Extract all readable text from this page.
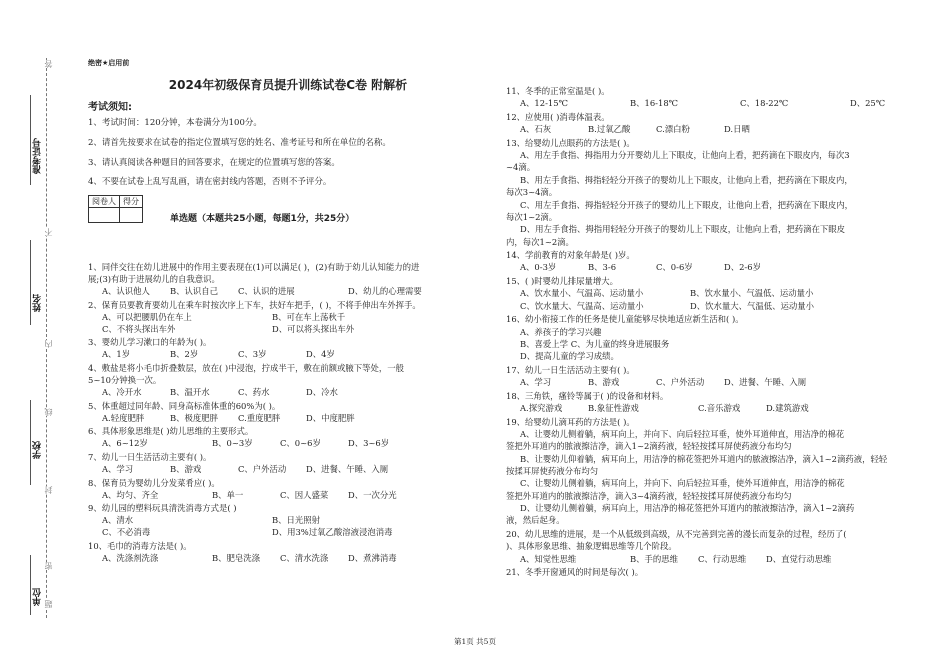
准考证号
姓名
学校
单位
答
不
内
线
封
密
题
绝密★启用前
2024年初级保育员提升训练试卷C卷 附解析
考试须知:
1、考试时间：120分钟，本卷满分为100分。
2、请首先按要求在试卷的指定位置填写您的姓名、准考证号和所在单位的名称。
3、请认真阅读各种题目的回答要求，在规定的位置填写您的答案。
4、不要在试卷上乱写乱画，请在密封线内答题，否则不予评分。
阅卷人	得分

单选题（本题共25小题，每题1分，共25分）
1、同伴交往在幼儿进展中的作用主要表现在(1)可以满足( )，(2)有助于幼儿认知能力的进
展;(3)有助于进展幼儿的自我意识。
A、认识他人	B、认识自己	C、认识的进展	D、幼儿的心理需要
2、保育员要教育要幼儿在乘车时按次序上下车，扶好车把手，( )，不将手伸出车外挥手。
A、可以把腰肌仍在车上	B、可在车上荡秋千
C、不将头探出车外	D、可以将头探出车外
3、婴幼儿学习漱口的年龄为( )。
A、1岁	B、2岁	C、3岁	D、4岁
4、敷盐是将小毛巾折叠数层，放在( )中浸泡，拧成半干，敷在前额或腋下等处，一般
5~10分钟换一次。
A、冷开水	B、温开水	C、药水	D、冷水
5、体重超过同年龄、同身高标准体重的60%为( )。
A.轻度肥胖	B、极度肥胖	C.重度肥胖	D、中度肥胖
6、具体形象思维是( )幼儿思维的主要形式。
A、6~12岁	B、0~3岁	C、0~6岁	D、3~6岁
7、幼儿一日生活活动主要有( )。
A、学习	B、游戏	C、户外活动	D、进餐、午睡、入厕
8、保育员为婴幼儿分发菜肴应( )。
A、均匀、齐全	B、单一	C、因人盛菜	D、一次分光
9、幼儿园的塑料玩具清洗消毒方式是( )
A、清水	B、日光照射
C、不必消毒	D、用3%过氧乙酸溶液浸泡消毒
10、毛巾的消毒方法是( )。
A、洗涤剂洗涤	B、肥皂洗涤	C、清水洗涤	D、煮沸消毒
11、冬季的正常室温是( )。
A、12-15℃	B、16-18℃	C、18-22℃	D、25℃
12、应使用( )消毒体温表。
A、石灰	B.过氧乙酸	C.漂白粉	D.日晒
13、给婴幼儿点眼药的方法是( )。
A、用左手食指、拇指用力分开婴幼儿上下眼皮，让他向上看，把药滴在下眼皮内，每次3
~4滴。
B、用左手食指、拇指轻轻分开孩子的婴幼儿上下眼皮，让他向上看，把药滴在下眼皮内，
每次3~4滴。
C、用左手食指、拇指轻轻分开孩子的婴幼儿上下眼皮，让他向上看，把药滴在下眼皮内，
每次1~2滴。
D、用左手食指、拇指用轻轻分开孩子的婴幼儿上下眼皮，让他向上看，把药滴在下眼皮
内，每次1~2滴。
14、学前教育的对象年龄是( )岁。
A、0-3岁	B、3-6	C、0-6岁	D、2-6岁
15、( )时婴幼儿排尿量增大。
A、饮水量小、气温高、运动量小	B、饮水量小、气温低、运动量小
C、饮水量大、气温高、运动量小	D、饮水量大、气温低、运动量小
16、幼小衔接工作的任务是使儿童能够尽快地适应新生活和( )。
A、养孩子的学习兴趣
B、喜爱上学 C、为儿童的终身进展服务
D、提高儿童的学习成绩。
17、幼儿一日生活活动主要有( )。
A、学习	B、游戏	C、户外活动	D、进餐、午睡、入厕
18、三角铁，瘙铃等属于( )的设备和材料。
A.探究游戏	B.象征性游戏	C.音乐游戏	D.建筑游戏
19、给婴幼儿滴耳药的方法是( )。
A、让婴幼儿侧着躺，病耳向上，并向下、向后轻拉耳垂，使外耳道伸直，用洁净的棉花
签把外耳道内的脓液擦洁净，滴入1~2滴药液，轻轻按揉耳屏使药液分布均匀
B、让婴幼儿仰着躺，病耳向上，用洁净的棉花签把外耳道内的脓液擦洁净，滴入1~2滴药液，轻轻
按揉耳屏使药液分布均匀
C、让婴幼儿侧着躺，病耳向上，并向下、向后轻拉耳垂，使外耳道伸直，用洁净的棉花
签把外耳道内的脓液擦洁净，滴入3~4滴药液，轻轻按揉耳屏使药液分布均匀
D、让婴幼儿侧着躺，病耳向上，用洁净的棉花签把外耳道内的脓液擦洁净，滴入1~2滴药
液，然后起身。
20、幼儿思维的进展，是一个从低级到高级，从不完善到完善的漫长而复杂的过程，经历了(
)、具体形象思维、抽象逻辑思维等几个阶段。
A、知觉性思维	B、手的思维	C、行动思维	D、直觉行动思维
21、冬季开窗通风的时间是每次( )。
第1页 共5页
